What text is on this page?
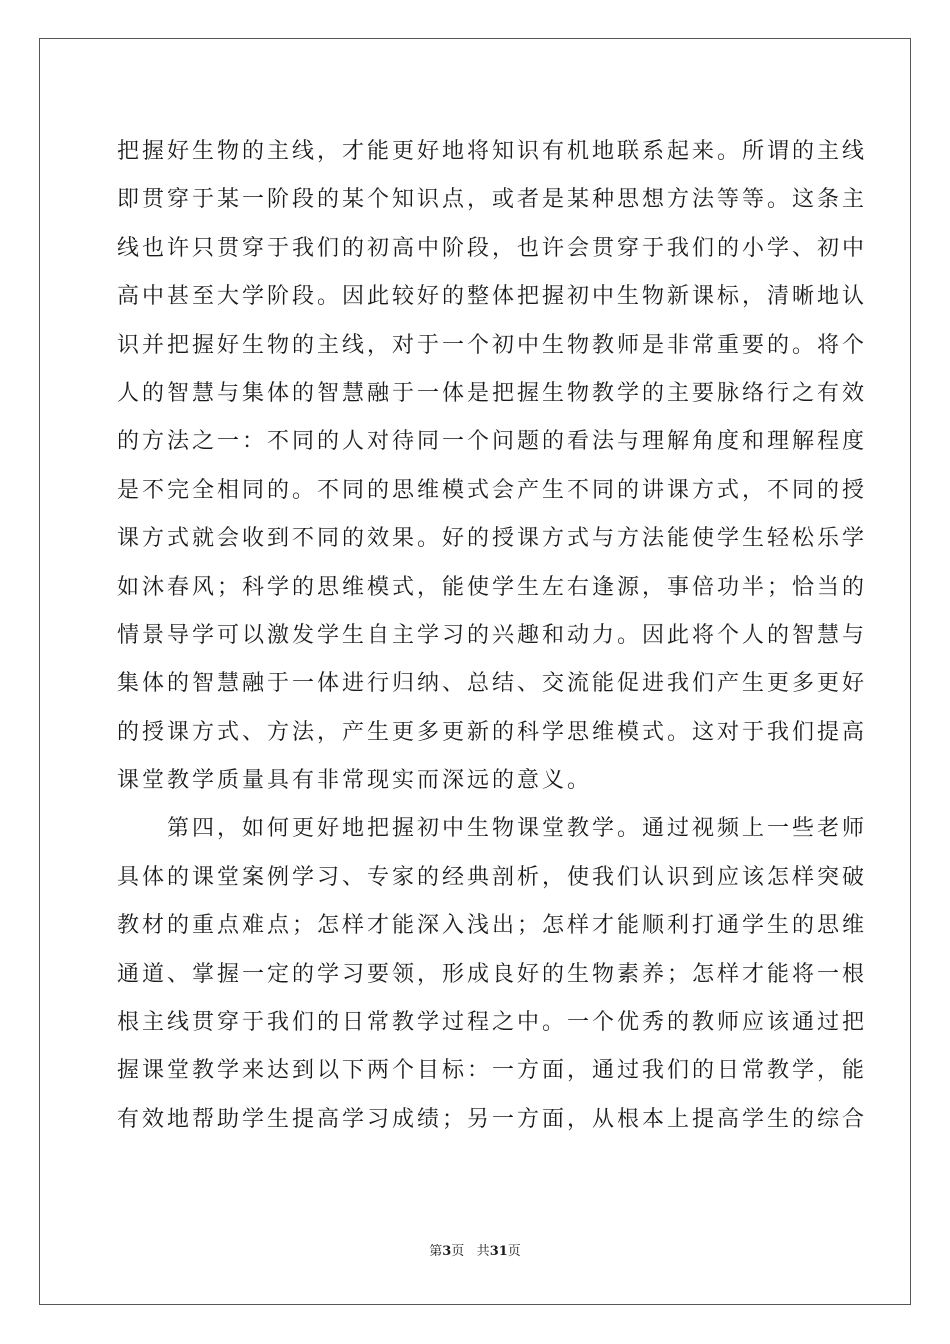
把握好生物的主线，才能更好地将知识有机地联系起来。所谓的主线
即贯穿于某一阶段的某个知识点，或者是某种思想方法等等。这条主
线也许只贯穿于我们的初高中阶段，也许会贯穿于我们的小学、初中
高中甚至大学阶段。因此较好的整体把握初中生物新课标，清晰地认
识并把握好生物的主线，对于一个初中生物教师是非常重要的。将个
人的智慧与集体的智慧融于一体是把握生物教学的主要脉络行之有效
的方法之一：不同的人对待同一个问题的看法与理解角度和理解程度
是不完全相同的。不同的思维模式会产生不同的讲课方式，不同的授
课方式就会收到不同的效果。好的授课方式与方法能使学生轻松乐学
如沐春风；科学的思维模式，能使学生左右逢源，事倍功半；恰当的
情景导学可以激发学生自主学习的兴趣和动力。因此将个人的智慧与
集体的智慧融于一体进行归纳、总结、交流能促进我们产生更多更好
的授课方式、方法，产生更多更新的科学思维模式。这对于我们提高
课堂教学质量具有非常现实而深远的意义。
　　第四，如何更好地把握初中生物课堂教学。通过视频上一些老师
具体的课堂案例学习、专家的经典剖析，使我们认识到应该怎样突破
教材的重点难点；怎样才能深入浅出；怎样才能顺利打通学生的思维
通道、掌握一定的学习要领，形成良好的生物素养；怎样才能将一根
根主线贯穿于我们的日常教学过程之中。一个优秀的教师应该通过把
握课堂教学来达到以下两个目标：一方面，通过我们的日常教学，能
有效地帮助学生提高学习成绩；另一方面，从根本上提高学生的综合
第3页 共31页
